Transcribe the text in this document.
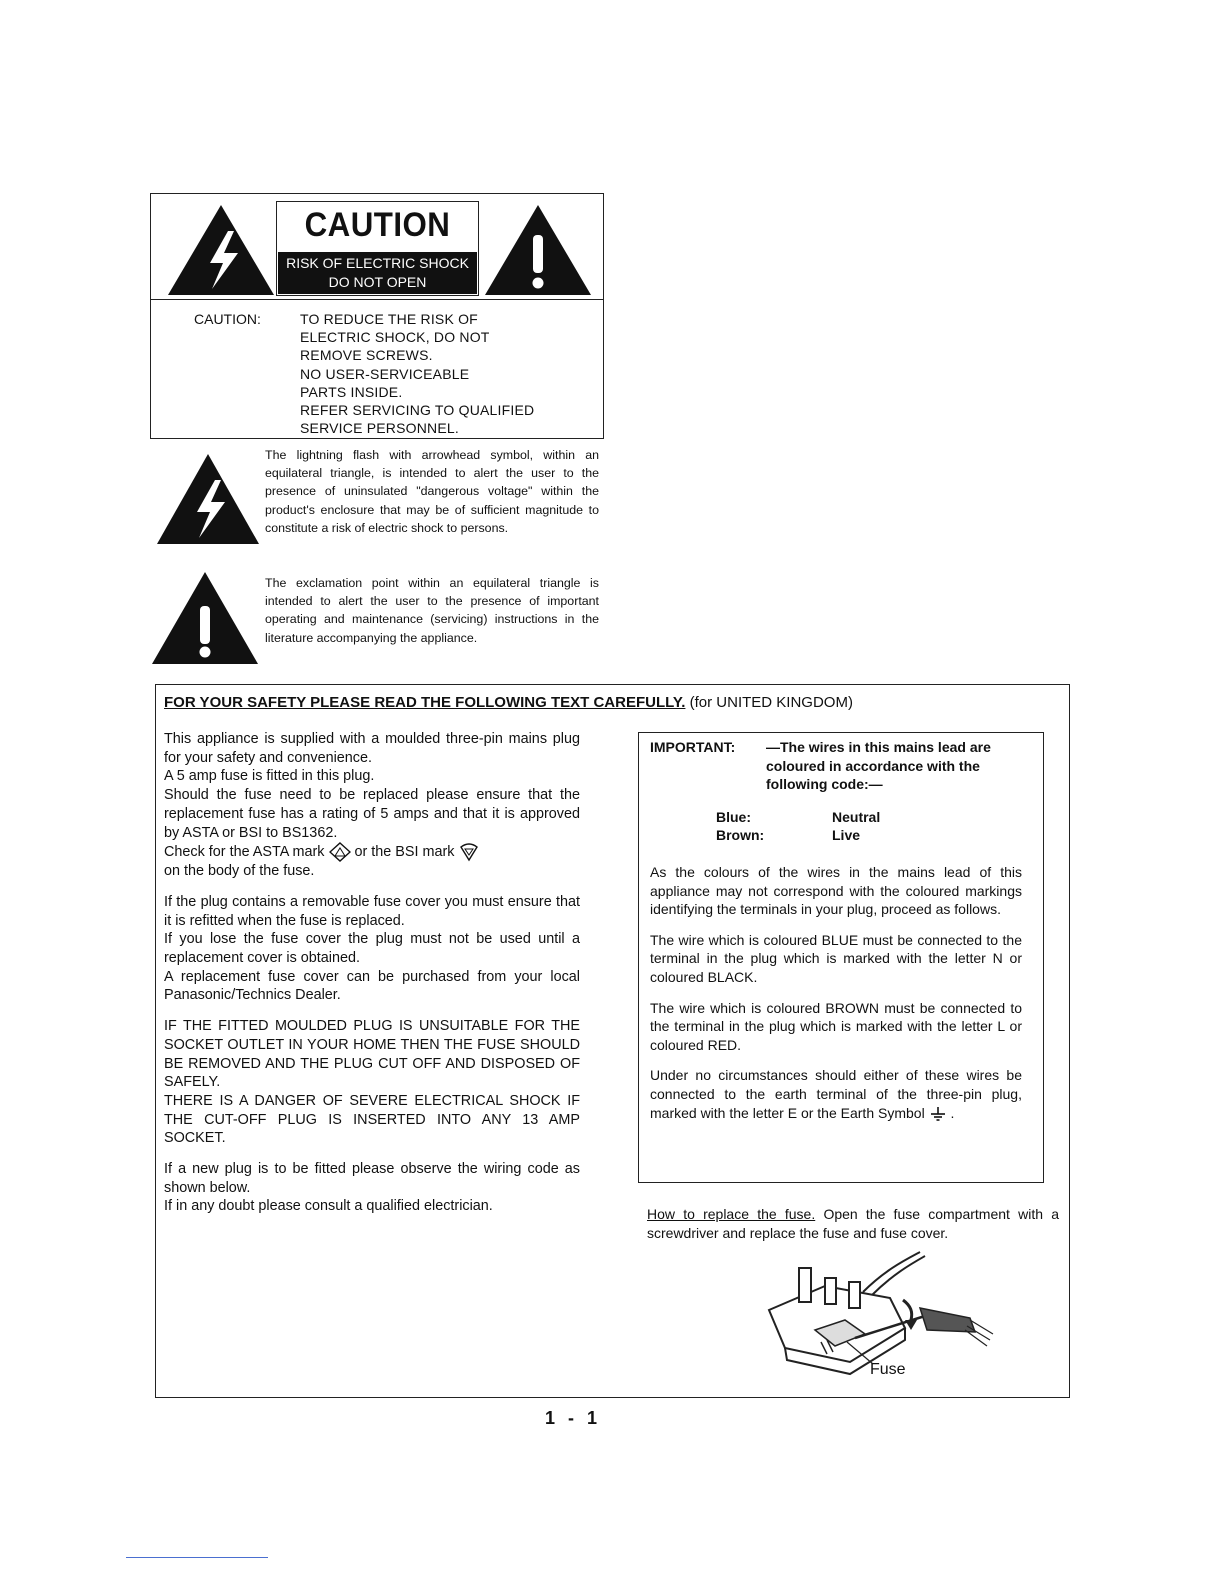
CAUTION
RISK OF ELECTRIC SHOCK
DO NOT OPEN
CAUTION:	TO REDUCE THE RISK OF
ELECTRIC SHOCK, DO NOT
REMOVE SCREWS.
NO USER-SERVICEABLE
PARTS INSIDE.
REFER SERVICING TO QUALIFIED
SERVICE PERSONNEL.
The lightning flash with arrowhead symbol, within an equilateral triangle, is intended to alert the user to the presence of uninsulated "dangerous voltage" within the product's enclosure that may be of sufficient magnitude to constitute a risk of electric shock to persons.
The exclamation point within an equilateral triangle is intended to alert the user to the presence of important operating and maintenance (servicing) instructions in the literature accompanying the appliance.
FOR YOUR SAFETY PLEASE READ THE FOLLOWING TEXT CAREFULLY. (for UNITED KINGDOM)

This appliance is supplied with a moulded three-pin mains plug for your safety and convenience.
A 5 amp fuse is fitted in this plug.
Should the fuse need to be replaced please ensure that the replacement fuse has a rating of 5 amps and that it is approved by ASTA or BSI to BS1362.
Check for the ASTA mark or the BSI mark
on the body of the fuse.

If the plug contains a removable fuse cover you must ensure that it is refitted when the fuse is replaced.
If you lose the fuse cover the plug must not be used until a replacement cover is obtained.
A replacement fuse cover can be purchased from your local Panasonic/Technics Dealer.

IF THE FITTED MOULDED PLUG IS UNSUITABLE FOR THE SOCKET OUTLET IN YOUR HOME THEN THE FUSE SHOULD BE REMOVED AND THE PLUG CUT OFF AND DISPOSED OF SAFELY.
THERE IS A DANGER OF SEVERE ELECTRICAL SHOCK IF THE CUT-OFF PLUG IS INSERTED INTO ANY 13 AMP SOCKET.

If a new plug is to be fitted please observe the wiring code as shown below.
If in any doubt please consult a qualified electrician.

IMPORTANT:	—The wires in this mains lead are coloured in accordance with the following code:—
Blue:	Neutral
Brown:	Live

As the colours of the wires in the mains lead of this appliance may not correspond with the coloured markings identifying the terminals in your plug, proceed as follows.

The wire which is coloured BLUE must be connected to the terminal in the plug which is marked with the letter N or coloured BLACK.

The wire which is coloured BROWN must be connected to the terminal in the plug which is marked with the letter L or coloured RED.

Under no circumstances should either of these wires be connected to the earth terminal of the three-pin plug, marked with the letter E or the Earth Symbol .

How to replace the fuse. Open the fuse compartment with a screwdriver and replace the fuse and fuse cover.
Fuse
1 - 1
